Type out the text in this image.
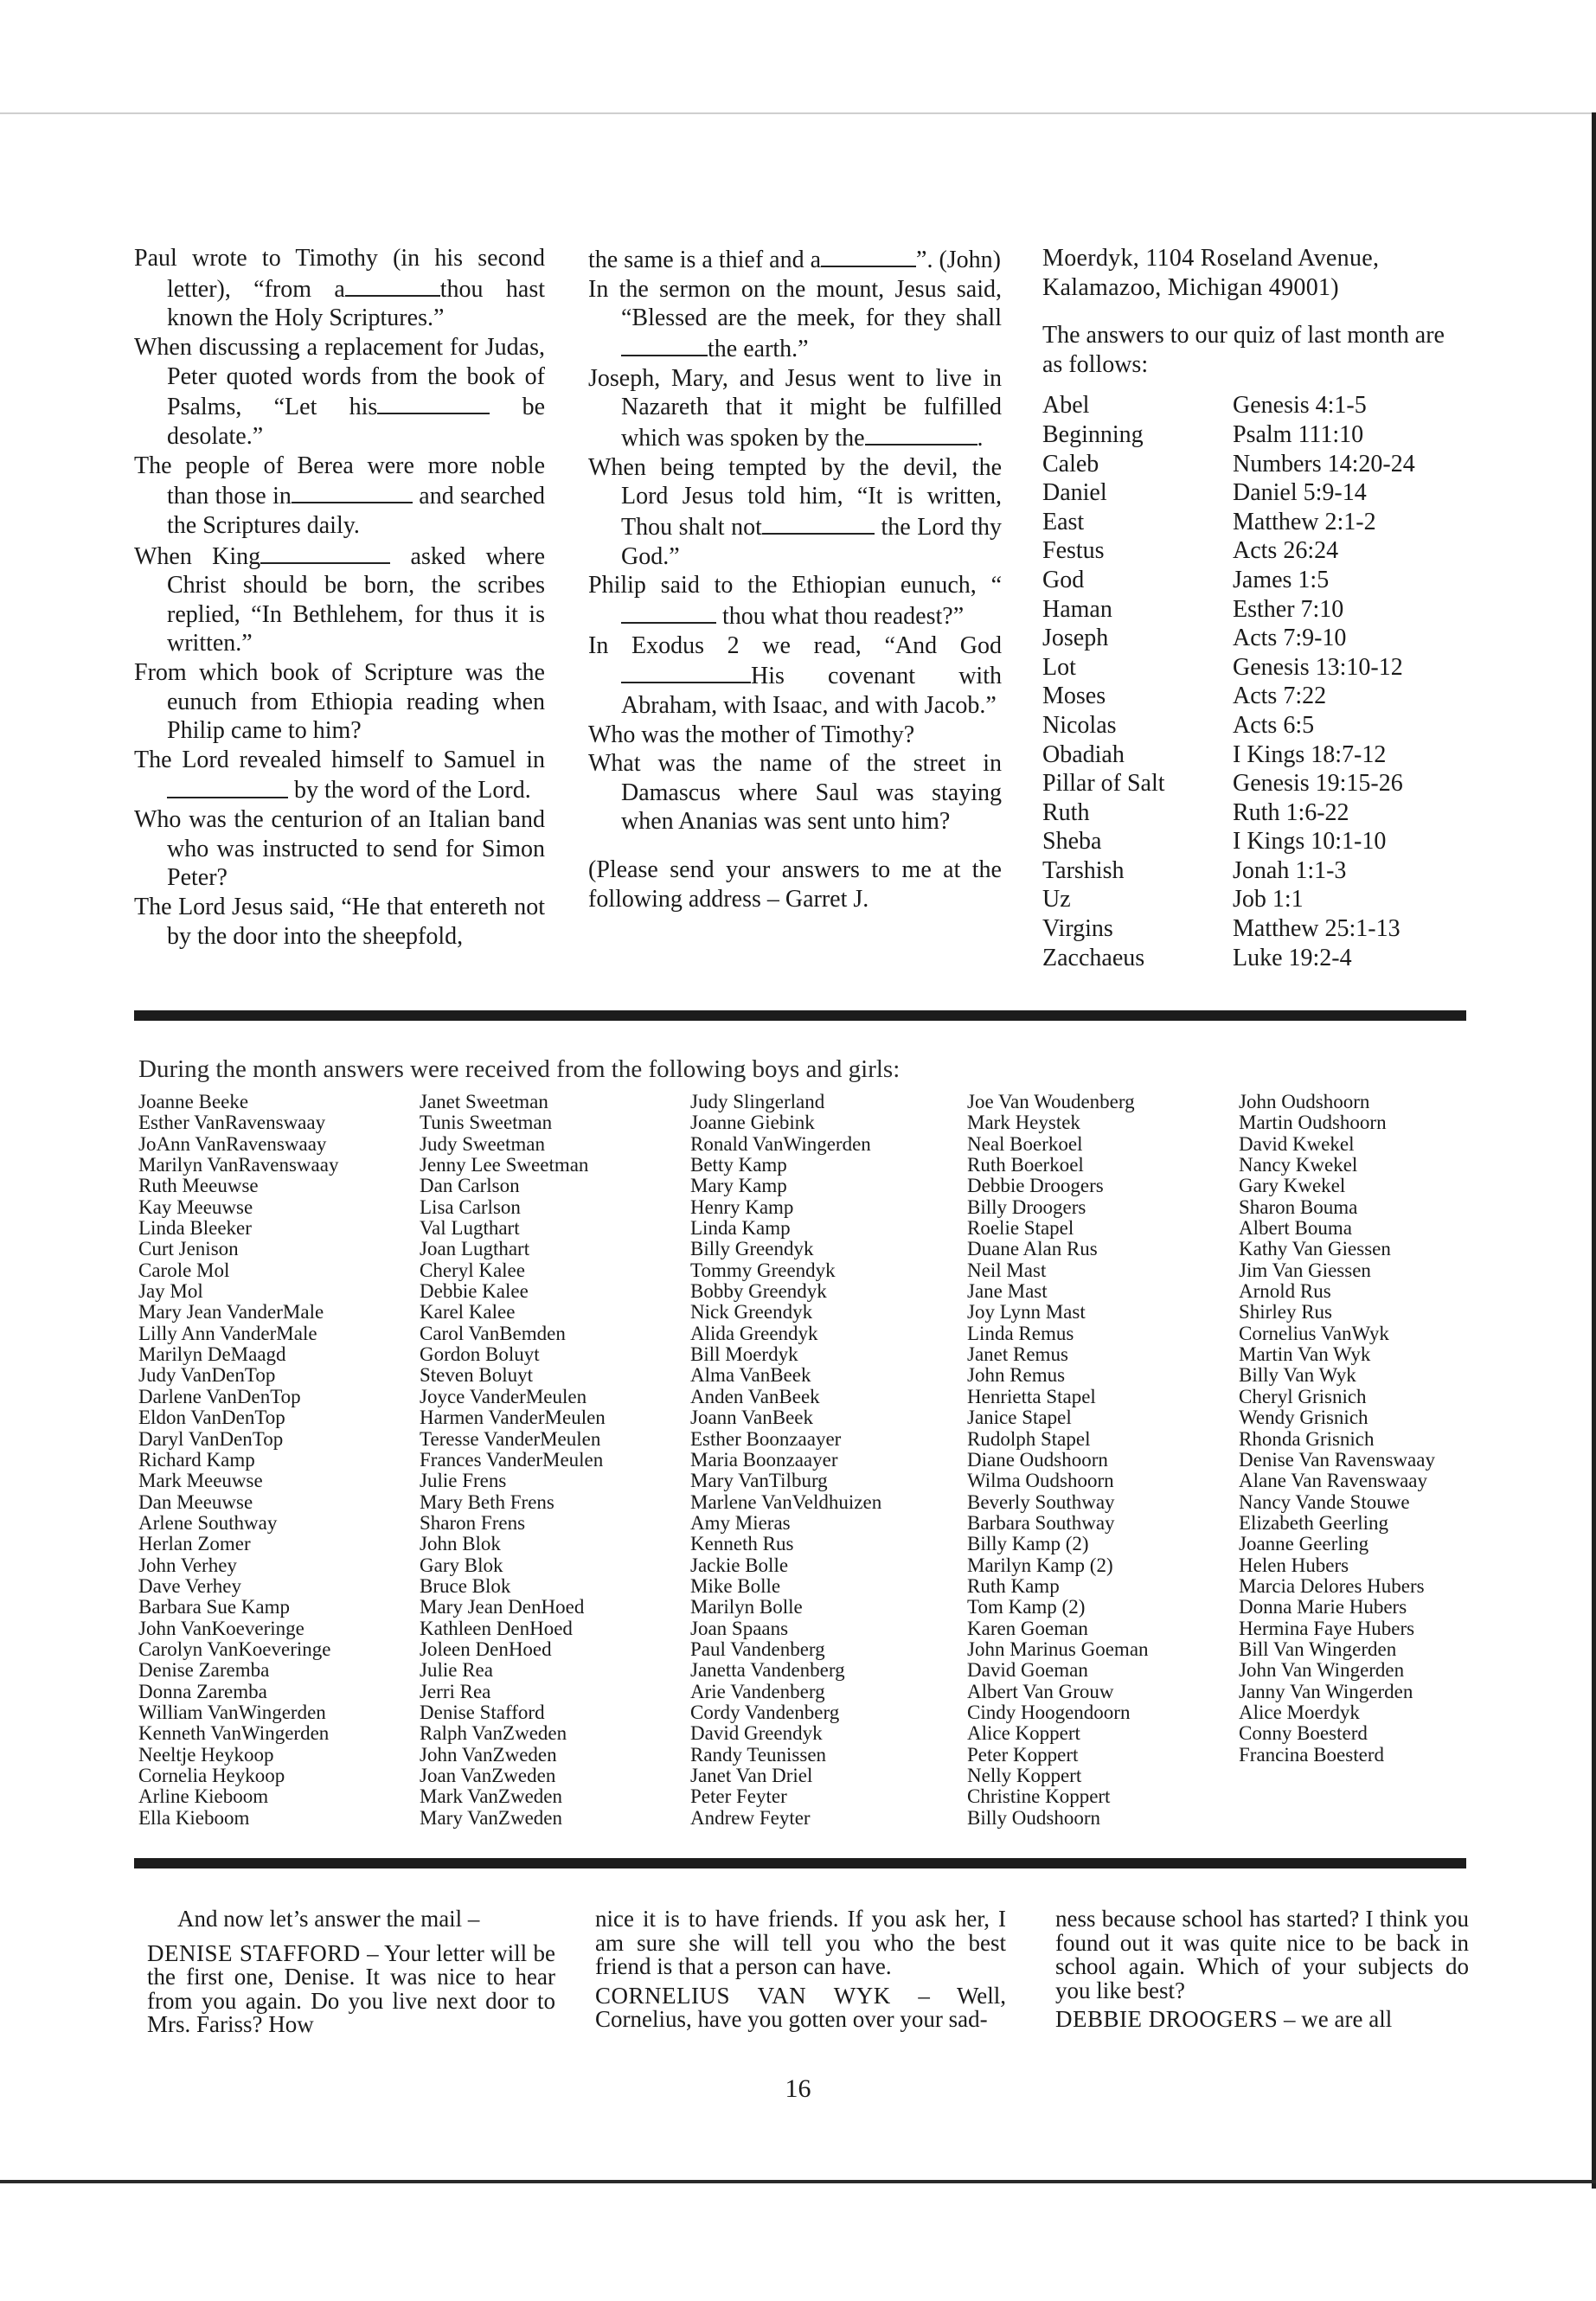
Paul wrote to Timothy (in his second letter), “from a	thou hast known the Holy Scriptures.”

When discussing a replacement for Judas, Peter quoted words from the book of Psalms, “Let his	be desolate.”

The people of Berea were more noble than those in	and searched the Scriptures daily.

When King	asked where Christ should be born, the scribes replied, “In Bethlehem, for thus it is written.”

From which book of Scripture was the eunuch from Ethiopia reading when Philip came to him?

The Lord revealed himself to Samuel in by the word of the Lord.

Who was the centurion of an Italian band who was instructed to send for Simon Peter?

The Lord Jesus said, “He that entereth not by the door into the sheepfold,

the same is a thief and a	”. (John)

In the sermon on the mount, Jesus said, “Blessed are the meek, for they shallthe earth.”

Joseph, Mary, and Jesus went to live in Nazareth that it might be fulfilled which was spoken by the	.

When being tempted by the devil, the Lord Jesus told him, “It is written, Thou shalt not	the Lord thy God.”

Philip said to the Ethiopian eunuch, “ thou what thou readest?”

In Exodus 2 we read, “And God His covenant with Abraham, with Isaac, and with Jacob.”

Who was the mother of Timothy?

What was the name of the street in Damascus where Saul was staying when Ananias was sent unto him?

(Please send your answers to me at the following address – Garret J.

Moerdyk, 1104 Roseland Avenue, Kalamazoo, Michigan 49001)

The answers to our quiz of last month are as follows:

Abel	Genesis 4:1-5
Beginning	Psalm 111:10
Caleb	Numbers 14:20-24
Daniel	Daniel 5:9-14
East	Matthew 2:1-2
Festus	Acts 26:24
God	James 1:5
Haman	Esther 7:10
Joseph	Acts 7:9-10
Lot	Genesis 13:10-12
Moses	Acts 7:22
Nicolas	Acts 6:5
Obadiah	I Kings 18:7-12
Pillar of Salt	Genesis 19:15-26
Ruth	Ruth 1:6-22
Sheba	I Kings 10:1-10
Tarshish	Jonah 1:1-3
Uz	Job 1:1
Virgins	Matthew 25:1-13
Zacchaeus	Luke 19:2-4

During the month answers were received from the following boys and girls:

Joanne Beeke
Esther VanRavenswaay
JoAnn VanRavenswaay
Marilyn VanRavenswaay
Ruth Meeuwse
Kay Meeuwse
Linda Bleeker
Curt Jenison
Carole Mol
Jay Mol
Mary Jean VanderMale
Lilly Ann VanderMale
Marilyn DeMaagd
Judy VanDenTop
Darlene VanDenTop
Eldon VanDenTop
Daryl VanDenTop
Richard Kamp
Mark Meeuwse
Dan Meeuwse
Arlene Southway
Herlan Zomer
John Verhey
Dave Verhey
Barbara Sue Kamp
John VanKoeveringe
Carolyn VanKoeveringe
Denise Zaremba
Donna Zaremba
William VanWingerden
Kenneth VanWingerden
Neeltje Heykoop
Cornelia Heykoop
Arline Kieboom
Ella Kieboom
Janet Sweetman
Tunis Sweetman
Judy Sweetman
Jenny Lee Sweetman
Dan Carlson
Lisa Carlson
Val Lugthart
Joan Lugthart
Cheryl Kalee
Debbie Kalee
Karel Kalee
Carol VanBemden
Gordon Boluyt
Steven Boluyt
Joyce VanderMeulen
Harmen VanderMeulen
Teresse VanderMeulen
Frances VanderMeulen
Julie Frens
Mary Beth Frens
Sharon Frens
John Blok
Gary Blok
Bruce Blok
Mary Jean DenHoed
Kathleen DenHoed
Joleen DenHoed
Julie Rea
Jerri Rea
Denise Stafford
Ralph VanZweden
John VanZweden
Joan VanZweden
Mark VanZweden
Mary VanZweden
Judy Slingerland
Joanne Giebink
Ronald VanWingerden
Betty Kamp
Mary Kamp
Henry Kamp
Linda Kamp
Billy Greendyk
Tommy Greendyk
Bobby Greendyk
Nick Greendyk
Alida Greendyk
Bill Moerdyk
Alma VanBeek
Anden VanBeek
Joann VanBeek
Esther Boonzaayer
Maria Boonzaayer
Mary VanTilburg
Marlene VanVeldhuizen
Amy Mieras
Kenneth Rus
Jackie Bolle
Mike Bolle
Marilyn Bolle
Joan Spaans
Paul Vandenberg
Janetta Vandenberg
Arie Vandenberg
Cordy Vandenberg
David Greendyk
Randy Teunissen
Janet Van Driel
Peter Feyter
Andrew Feyter
Joe Van Woudenberg
Mark Heystek
Neal Boerkoel
Ruth Boerkoel
Debbie Droogers
Billy Droogers
Roelie Stapel
Duane Alan Rus
Neil Mast
Jane Mast
Joy Lynn Mast
Linda Remus
Janet Remus
John Remus
Henrietta Stapel
Janice Stapel
Rudolph Stapel
Diane Oudshoorn
Wilma Oudshoorn
Beverly Southway
Barbara Southway
Billy Kamp (2)
Marilyn Kamp (2)
Ruth Kamp
Tom Kamp (2)
Karen Goeman
John Marinus Goeman
David Goeman
Albert Van Grouw
Cindy Hoogendoorn
Alice Koppert
Peter Koppert
Nelly Koppert
Christine Koppert
Billy Oudshoorn
John Oudshoorn
Martin Oudshoorn
David Kwekel
Nancy Kwekel
Gary Kwekel
Sharon Bouma
Albert Bouma
Kathy Van Giessen
Jim Van Giessen
Arnold Rus
Shirley Rus
Cornelius VanWyk
Martin Van Wyk
Billy Van Wyk
Cheryl Grisnich
Wendy Grisnich
Rhonda Grisnich
Denise Van Ravenswaay
Alane Van Ravenswaay
Nancy Vande Stouwe
Elizabeth Geerling
Joanne Geerling
Helen Hubers
Marcia Delores Hubers
Donna Marie Hubers
Hermina Faye Hubers
Bill Van Wingerden
John Van Wingerden
Janny Van Wingerden
Alice Moerdyk
Conny Boesterd
Francina Boesterd

And now let’s answer the mail –

DENISE STAFFORD – Your letter will be the first one, Denise. It was nice to hear from you again. Do you live next door to Mrs. Fariss? How

nice it is to have friends. If you ask her, I am sure she will tell you who the best friend is that a person can have.

CORNELIUS VAN WYK – Well, Cornelius, have you gotten over your sad-

ness because school has started? I think you found out it was quite nice to be back in school again. Which of your subjects do you like best?

DEBBIE DROOGERS – we are all

16
